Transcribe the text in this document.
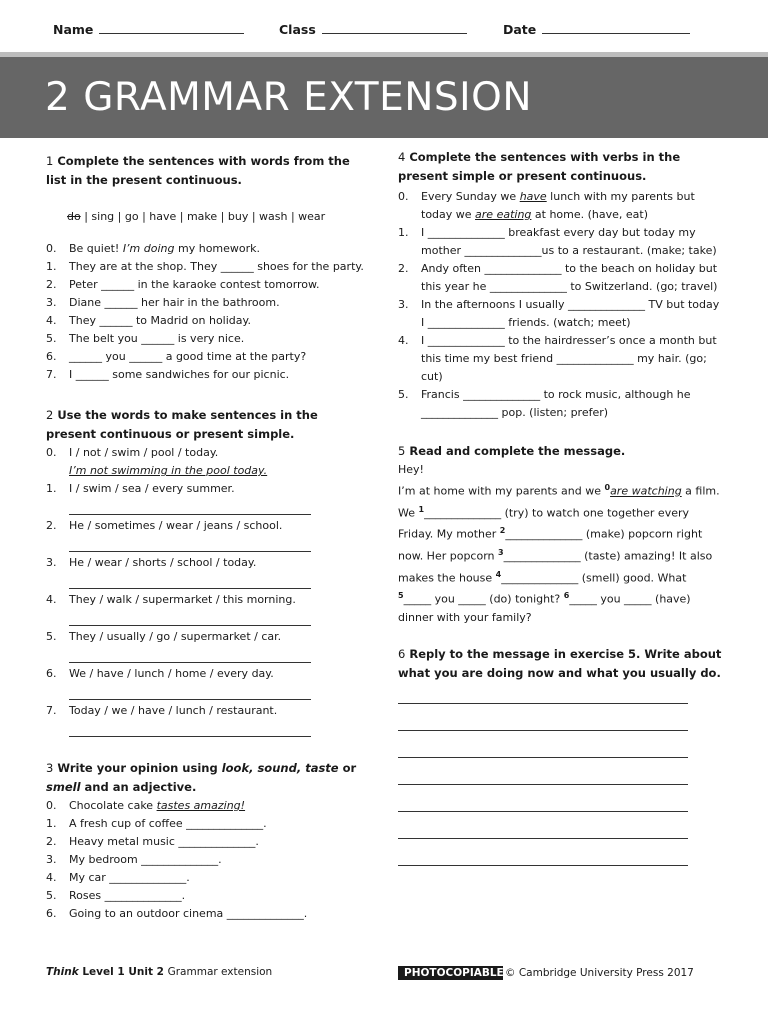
Name	Class	Date
2 GRAMMAR EXTENSION
1 Complete the sentences with words from the list in the present continuous.
do | sing | go | have | make | buy | wash | wear
0. Be quiet! I’m doing my homework.
1. They are at the shop. They ______ shoes for the party.
2. Peter ______ in the karaoke contest tomorrow.
3. Diane ______ her hair in the bathroom.
4. They ______ to Madrid on holiday.
5. The belt you ______ is very nice.
6. ______ you ______ a good time at the party?
7. I ______ some sandwiches for our picnic.
2 Use the words to make sentences in the present continuous or present simple.
0. I / not / swim / pool / today.
I’m not swimming in the pool today.
1. I / swim / sea / every summer.
2. He / sometimes / wear / jeans / school.
3. He / wear / shorts / school / today.
4. They / walk / supermarket / this morning.
5. They / usually / go / supermarket / car.
6. We / have / lunch / home / every day.
7. Today / we / have / lunch / restaurant.
3 Write your opinion using look, sound, taste or smell and an adjective.
0. Chocolate cake tastes amazing!
1. A fresh cup of coffee ______________.
2. Heavy metal music ______________.
3. My bedroom ______________.
4. My car ______________.
5. Roses ______________.
6. Going to an outdoor cinema ______________.
4 Complete the sentences with verbs in the present simple or present continuous.
0. Every Sunday we have lunch with my parents but today we are eating at home. (have, eat)
1. I ______________ breakfast every day but today my mother ______________us to a restaurant. (make; take)
2. Andy often ______________ to the beach on holiday but this year he ______________ to Switzerland. (go; travel)
3. In the afternoons I usually ______________ TV but today I ______________ friends. (watch; meet)
4. I ______________ to the hairdresser’s once a month but this time my best friend ______________ my hair. (go; cut)
5. Francis ______________ to rock music, although he ______________ pop. (listen; prefer)
5 Read and complete the message.
Hey!
I’m at home with my parents and we $^0$are watching a film. We $^1$______________ (try) to watch one together every Friday. My mother $^2$______________ (make) popcorn right now. Her popcorn $^3$______________ (taste) amazing! It also makes the house $^4$______________ (smell) good. What $^5$_____ you _____ (do) tonight? $^6$_____ you _____ (have) dinner with your family?
6 Reply to the message in exercise 5. Write about what you are doing now and what you usually do.
Think Level 1 Unit 2 Grammar extension	PHOTOCOPIABLE© Cambridge University Press 2017
